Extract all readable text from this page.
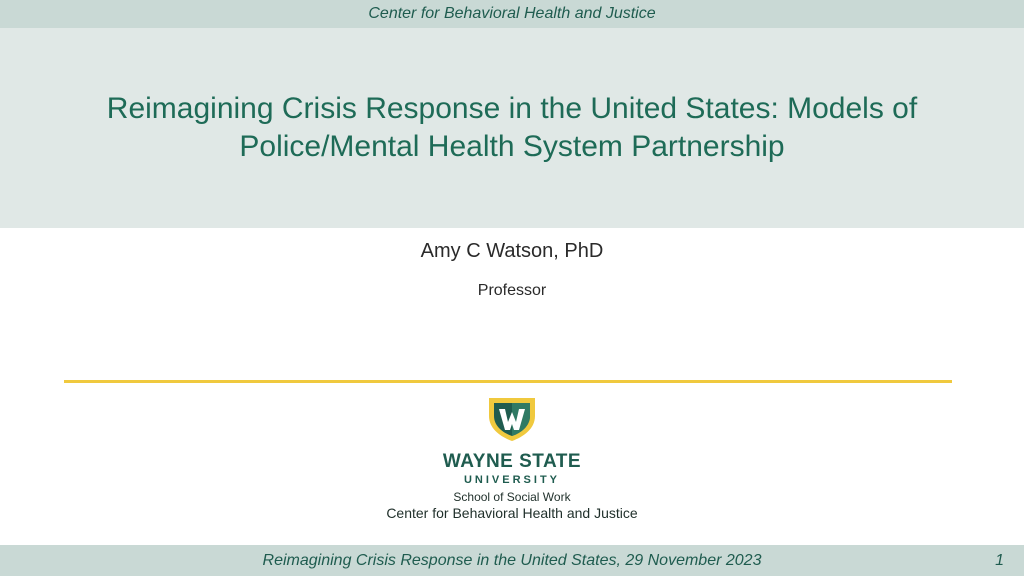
Center for Behavioral Health and Justice
Reimagining Crisis Response in the United States: Models of Police/Mental Health System Partnership
Amy C Watson, PhD
Professor
WAYNE STATE
UNIVERSITY
School of Social Work
Center for Behavioral Health and Justice
Reimagining Crisis Response in the United States, 29 November 2023	1
